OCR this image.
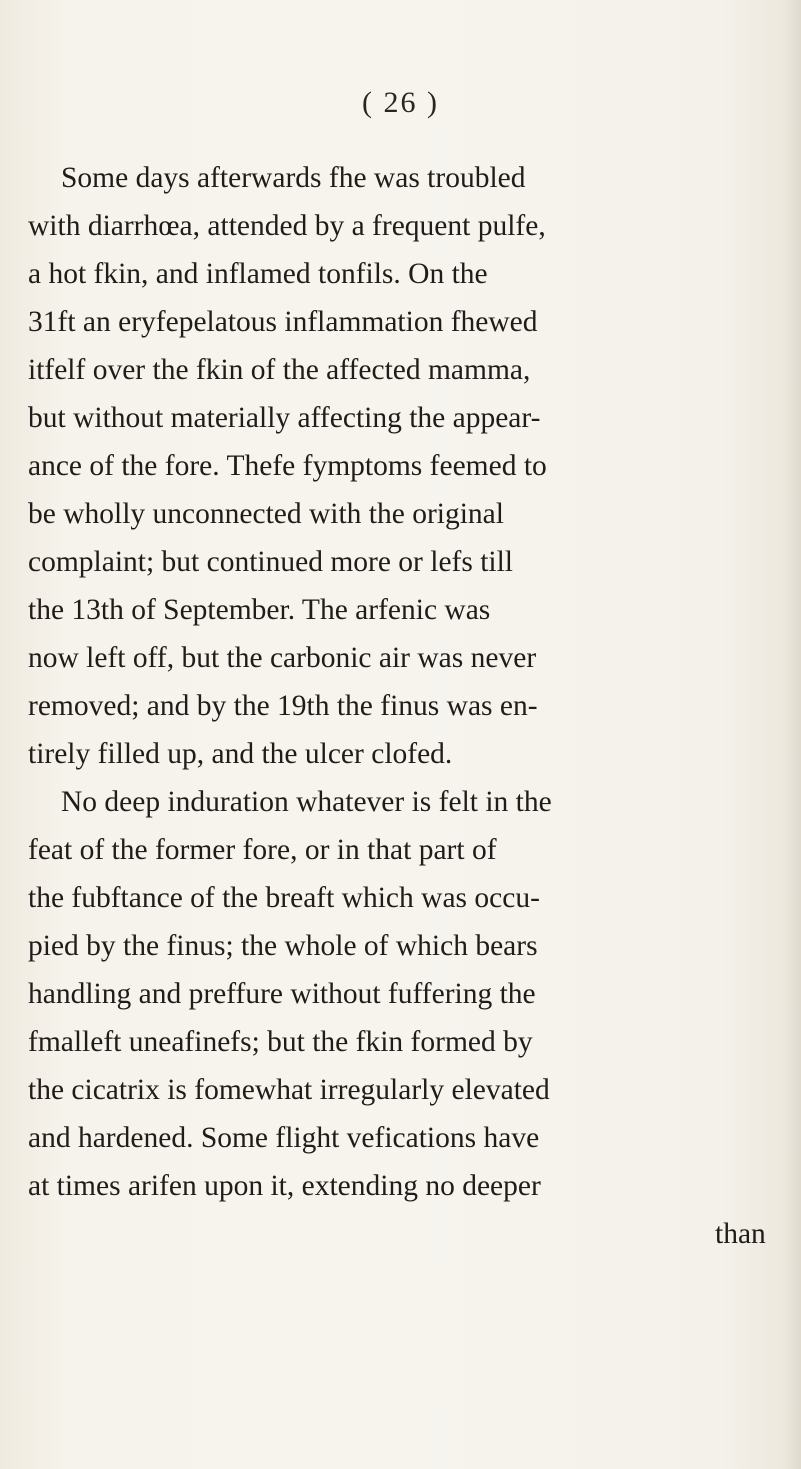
( 26 )
Some days afterwards fhe was troubled
with diarrhœa, attended by a frequent pulfe,
a hot fkin, and inflamed tonfils. On the
31ft an eryfepelatous inflammation fhewed
itfelf over the fkin of the affected mamma,
but without materially affecting the appear-
ance of the fore. Thefe fymptoms feemed to
be wholly unconnected with the original
complaint; but continued more or lefs till
the 13th of September. The arfenic was
now left off, but the carbonic air was never
removed; and by the 19th the finus was en-
tirely filled up, and the ulcer clofed.
No deep induration whatever is felt in the
feat of the former fore, or in that part of
the fubftance of the breaft which was occu-
pied by the finus; the whole of which bears
handling and preffure without fuffering the
fmalleft uneafinefs; but the fkin formed by
the cicatrix is fomewhat irregularly elevated
and hardened. Some flight vefications have
at times arifen upon it, extending no deeper
than
